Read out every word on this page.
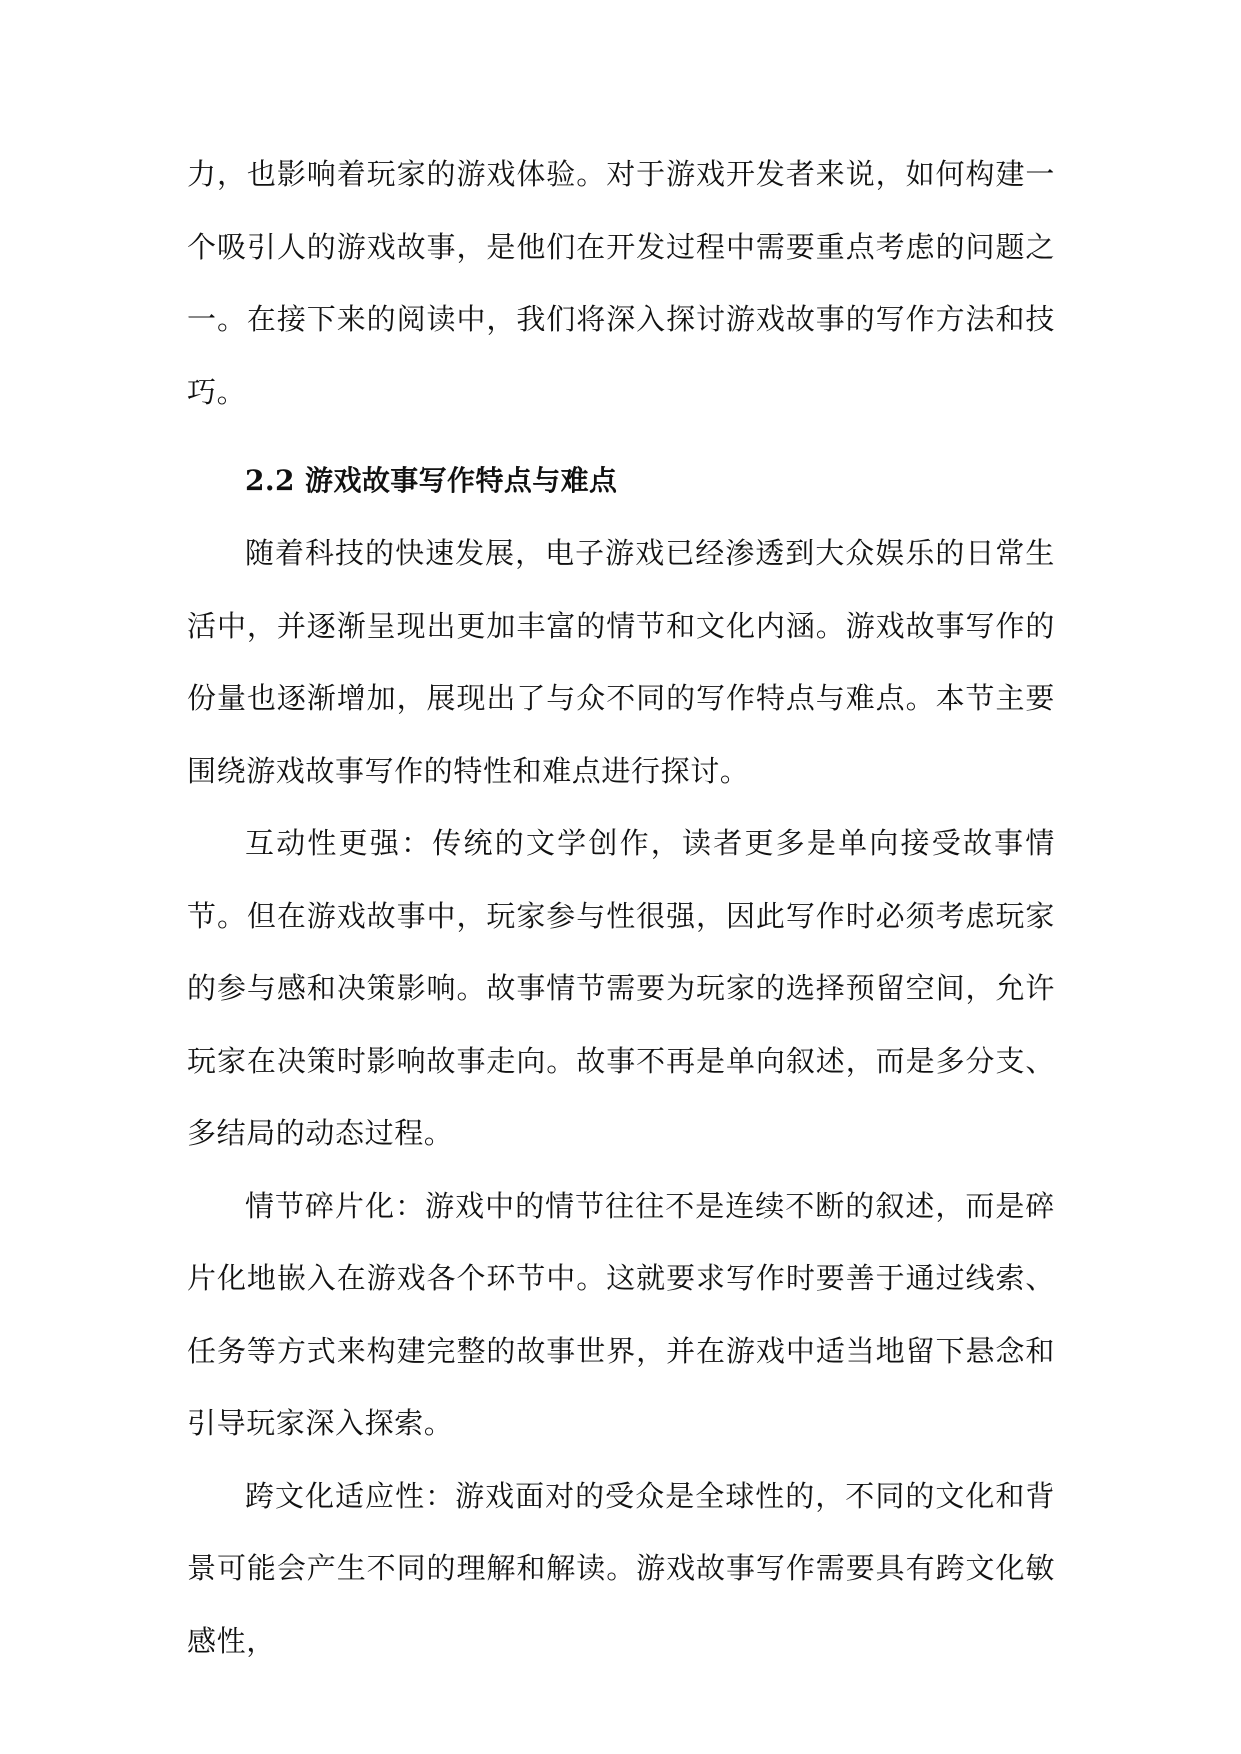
力，也影响着玩家的游戏体验。对于游戏开发者来说，如何构建一个吸引人的游戏故事，是他们在开发过程中需要重点考虑的问题之一。在接下来的阅读中，我们将深入探讨游戏故事的写作方法和技巧。

2.2 游戏故事写作特点与难点

随着科技的快速发展，电子游戏已经渗透到大众娱乐的日常生活中，并逐渐呈现出更加丰富的情节和文化内涵。游戏故事写作的份量也逐渐增加，展现出了与众不同的写作特点与难点。本节主要围绕游戏故事写作的特性和难点进行探讨。

互动性更强：传统的文学创作，读者更多是单向接受故事情节。但在游戏故事中，玩家参与性很强，因此写作时必须考虑玩家的参与感和决策影响。故事情节需要为玩家的选择预留空间，允许玩家在决策时影响故事走向。故事不再是单向叙述，而是多分支、多结局的动态过程。

情节碎片化：游戏中的情节往往不是连续不断的叙述，而是碎片化地嵌入在游戏各个环节中。这就要求写作时要善于通过线索、任务等方式来构建完整的故事世界，并在游戏中适当地留下悬念和引导玩家深入探索。

跨文化适应性：游戏面对的受众是全球性的，不同的文化和背景可能会产生不同的理解和解读。游戏故事写作需要具有跨文化敏感性，
